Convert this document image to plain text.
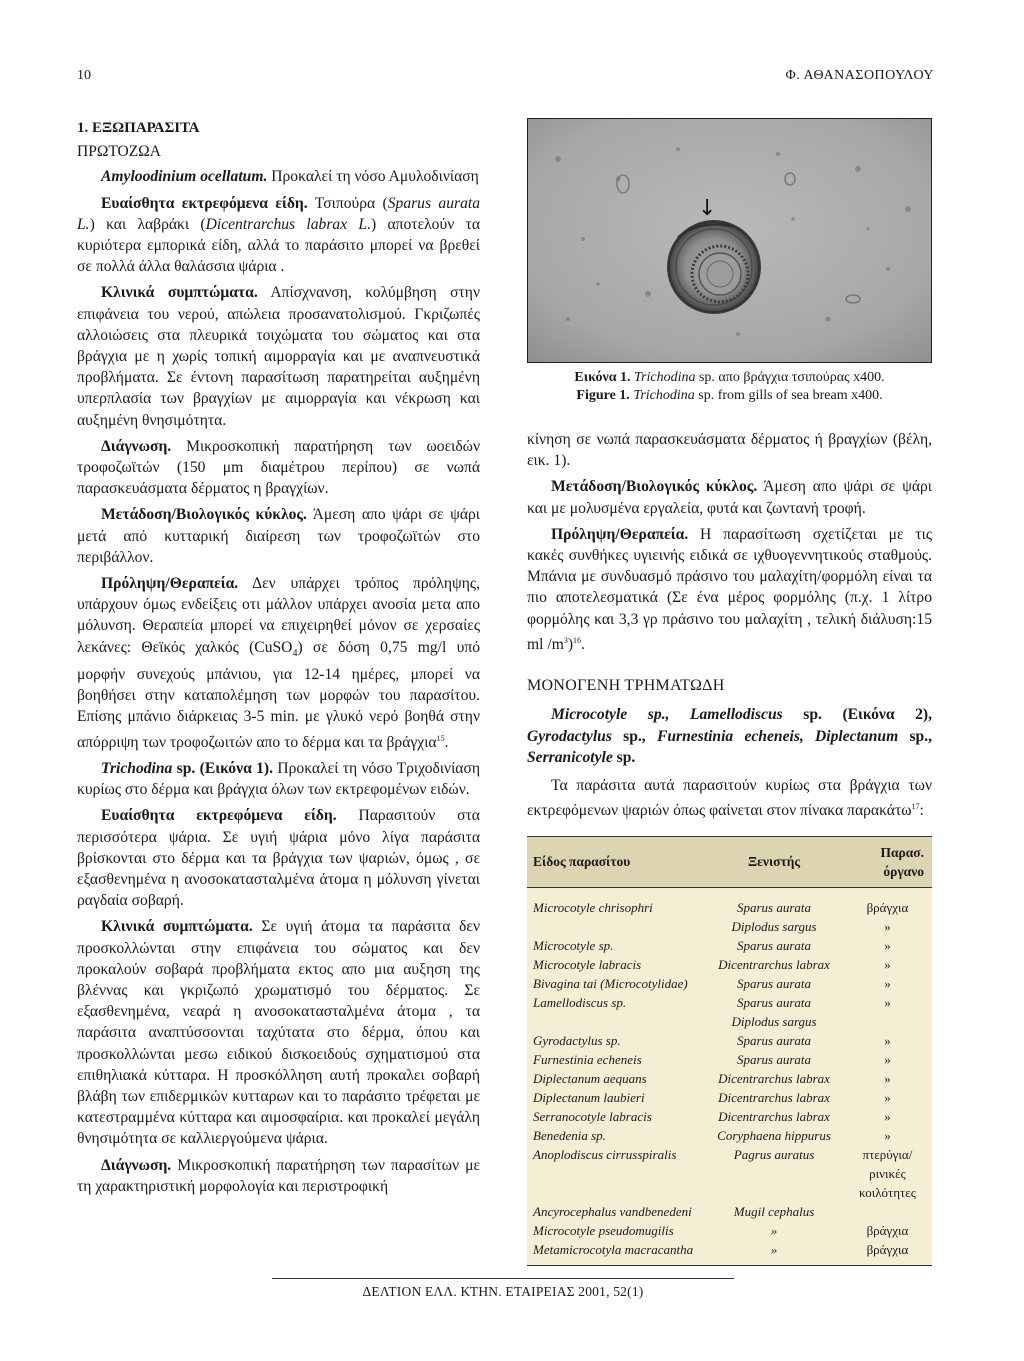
10	Φ. ΑΘΑΝΑΣΟΠΟΥΛΟΥ
1. ΕΞΩΠΑΡΑΣΙΤΑ
ΠΡΩΤΟΖΩΑ

Amyloodinium ocellatum. Προκαλεί τη νόσο Αμυλοδινίαση

Ευαίσθητα εκτρεφόμενα είδη. Τσιπούρα (Sparus aurata L.) και λαβράκι (Dicentrarchus labrax L.) αποτελούν τα κυριότερα εμπορικά είδη, αλλά το παράσιτο μπορεί να βρεθεί σε πολλά άλλα θαλάσσια ψάρια .

Κλινικά συμπτώματα. Απίσχνανση, κολύμβηση στην επιφάνεια του νερού, απώλεια προσανατολισμού. Γκριζωπές αλλοιώσεις στα πλευρικά τοιχώματα του σώματος και στα βράγχια με η χωρίς τοπική αιμορραγία και με αναπνευστικά προβλήματα. Σε έντονη παρασίτωση παρατηρείται αυξημένη υπερπλασία των βραγχίων με αιμορραγία και νέκρωση και αυξημένη θνησιμότητα.

Διάγνωση. Μικροσκοπική παρατήρηση των ωοειδών τροφοζωϊτών (150 μm διαμέτρου περίπου) σε νωπά παρασκευάσματα δέρματος η βραγχίων.

Μετάδοση/Βιολογικός κύκλος. Άμεση απο ψάρι σε ψάρι μετά από κυτταρική διαίρεση των τροφοζωϊτών στο περιβάλλον.

Πρόληψη/Θεραπεία. Δεν υπάρχει τρόπος πρόληψης, υπάρχουν όμως ενδείξεις οτι μάλλον υπάρχει ανοσία μετα απο μόλυνση. Θεραπεία μπορεί να επιχειρηθεί μόνον σε χερσαίες λεκάνες: Θεϊκός χαλκός (CuSO$_4$) σε δόση 0,75 mg/l υπό μορφήν συνεχούς μπάνιου, για 12-14 ημέρες, μπορεί να βοηθήσει στην καταπολέμηση των μορφών του παρασίτου. Επίσης μπάνιο διάρκειας 3-5 min. με γλυκό νερό βοηθά στην απόρριψη των τροφοζωιτών απο το δέρμα και τα βράγχια$^{15}$.

Trichodina sp. (Εικόνα 1). Προκαλεί τη νόσο Τριχοδινίαση κυρίως στο δέρμα και βράγχια όλων των εκτρεφομένων ειδών.

Ευαίσθητα εκτρεφόμενα είδη. Παρασιτούν στα περισσότερα ψάρια. Σε υγιή ψάρια μόνο λίγα παράσιτα βρίσκονται στο δέρμα και τα βράγχια των ψαριών, όμως , σε εξασθενημένα η ανοσοκατασταλμένα άτομα η μόλυνση γίνεται ραγδαία σοβαρή.

Κλινικά συμπτώματα. Σε υγιή άτομα τα παράσιτα δεν προσκολλώνται στην επιφάνεια του σώματος και δεν προκαλούν σοβαρά προβλήματα εκτος απο μια αυξηση της βλέννας και γκριζωπό χρωματισμό του δέρματος. Σε εξασθενημένα, νεαρά η ανοσοκατασταλμένα άτομα , τα παράσιτα αναπτύσσονται ταχύτατα στο δέρμα, όπου και προσκολλώνται μεσω ειδικού δισκοειδούς σχηματισμού στα επιθηλιακά κύτταρα. Η προσκόλληση αυτή προκαλει σοβαρή βλάβη των επιδερμικών κυτταρων και το παράσιτο τρέφεται με κατεστραμμένα κύτταρα και αιμοσφαίρια. και προκαλεί μεγάλη θνησιμότητα σε καλλιεργούμενα ψάρια.

Διάγνωση. Μικροσκοπική παρατήρηση των παρασίτων με τη χαρακτηριστική μορφολογία και περιστροφική

↓
Εικόνα 1. Trichodina sp. απο βράγχια τσιπούρας x400.
Figure 1. Trichodina sp. from gills of sea bream x400.

κίνηση σε νωπά παρασκευάσματα δέρματος ή βραγχίων (βέλη, εικ. 1).

Μετάδοση/Βιολογικός κύκλος. Άμεση απο ψάρι σε ψάρι και με μολυσμένα εργαλεία, φυτά και ζωντανή τροφή.

Πρόληψη/Θεραπεία. Η παρασίτωση σχετίζεται με τις κακές συνθήκες υγιεινής ειδικά σε ιχθυογεννητικούς σταθμούς. Μπάνια με συνδυασμό πράσινο του μαλαχίτη/φορμόλη είναι τα πιο αποτελεσματικά (Σε ένα μέρος φορμόλης (π.χ. 1 λίτρο φορμόλης και 3,3 γρ πράσινο του μαλαχίτη , τελική διάλυση:15 ml $/m^3)^{16}$.

ΜΟΝΟΓΕΝΗ ΤΡΗΜΑΤΩΔΗ

Microcotyle sp., Lamellodiscus sp. (Εικόνα 2), Gyrodactylus sp., Furnestinia echeneis, Diplectanum sp., Serranicotyle sp.

Τα παράσιτα αυτά παρασιτούν κυρίως στα βράγχια των εκτρεφόμενων ψαριών όπως φαίνεται στον πίνακα παρακάτω$^{17}$:

Είδος παρασίτου	Ξενιστής	Παρασ. όργανο
Microcotyle chrisophri	Sparus aurata	βράγχια
	Diplodus sargus	»
Microcotyle sp.	Sparus aurata	»
Microcotyle labracis	Dicentrarchus labrax	»
Bivagina tai (Microcotylidae)	Sparus aurata	»
Lamellodiscus sp.	Sparus aurata	»
	Diplodus sargus	
Gyrodactylus sp.	Sparus aurata	»
Furnestinia echeneis	Sparus aurata	»
Diplectanum aequans	Dicentrarchus labrax	»
Diplectanum laubieri	Dicentrarchus labrax	»
Serranocotyle labracis	Dicentrarchus labrax	»
Benedenia sp.	Coryphaena hippurus	»
Anoplodiscus cirrusspiralis	Pagrus auratus	πτερύγια/
		ρινικές κοιλότητες
Ancyrocephalus vandbenedeni	Mugil cephalus	
Microcotyle pseudomugilis	»	βράγχια
Metamicrocotyla macracantha	»	βράγχια
ΔΕΛΤΙΟΝ ΕΛΛ. ΚΤΗΝ. ΕΤΑΙΡΕΙΑΣ 2001, 52(1)
